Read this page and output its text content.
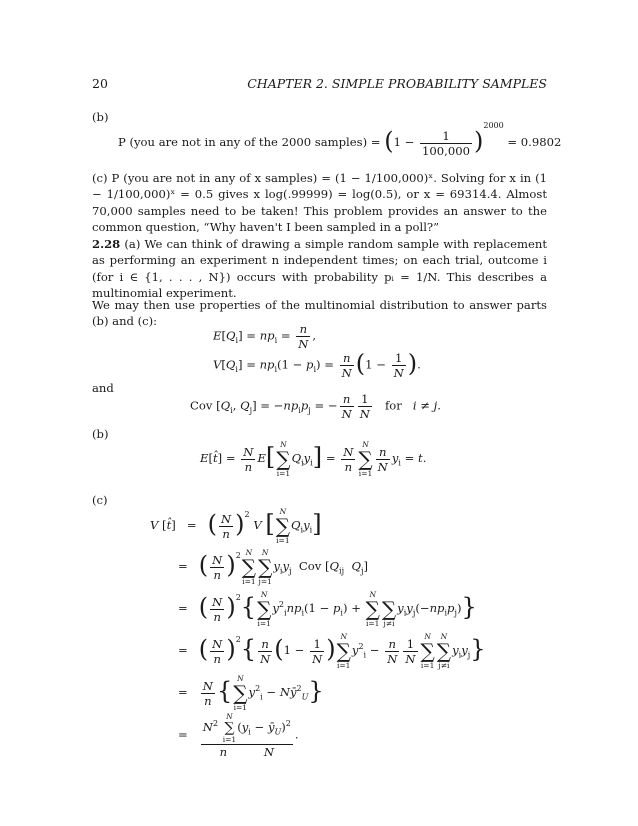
20	CHAPTER 2. SIMPLE PROBABILITY SAMPLES
(b)
P (you are not in any of the 2000 samples) = $(1 - \frac{1}{100,000} )^{2000} = 0.9802$
(c) P (you are not in any of x samples) = (1 − 1/100,000)ˣ. Solving for x in (1 − 1/100,000)ˣ = 0.5 gives x log(.99999) = log(0.5), or x = 69314.4. Almost 70,000 samples need to be taken! This problem provides an answer to the common question, “Why haven't I been sampled in a poll?”
2.28 (a) We can think of drawing a simple random sample with replacement as performing an experiment n independent times; on each trial, outcome i (for i ∈ {1, . . . , N}) occurs with probability pᵢ = 1/N. This describes a multinomial experiment.
We may then use properties of the multinomial distribution to answer parts (b) and (c):
$E[Q_i] = np_i = \frac{n}{N}$ ,
$V[Q_i] = np_i(1 - p_i) = \frac{n}{N} (1 - \frac{1}{N}$ ).
and
Cov [$Q_i$, $Q_j] = -np_ip_j$ = − $\frac{n}{N} \frac{1}{N}$ for i ≠ j.
(b)
E[t̂] = $\frac{N}{n} E$[ N
∑
i=1
$Q_iy_i] = \frac{N}{n}$ N
∑
$i=1 \frac{n}{N} y_i = t$.
(c)
V [t̂]   =   ( $\frac{N}{n} )^2$ V [ N
∑
i=1
$Q_iy_i$]
=   ( $\frac{N}{n} )^2$ N
∑
i=1
N
∑
j=1
$y_iy_j$  Cov [$Q_{ij}$ $Q_j$]
=   ( $\frac{N}{n} )^2${ N
∑
i=1
$y^2_inp_i(1 - p_i)$ +
N
∑
i=1

∑
j≠i
$y_iy_j(-np_ip_j)$}
=   ( $\frac{N}{n} )^2\{ \frac{n}{N} (1 - \frac{1}{N}$ ) N
∑
i=1
$y^2_i - \frac{n}{N} \frac{1}{N}$ N
∑
i=1
N
∑
j≠i
$y_iy_j$}
= $\frac{N}{n}$ { N
∑
i=1
$y^2_i$ − $Nȳ^2_U$}
= $N^2$
N
∑
i=1
($y_i$ − $ȳ_U)^2$
n	N .
